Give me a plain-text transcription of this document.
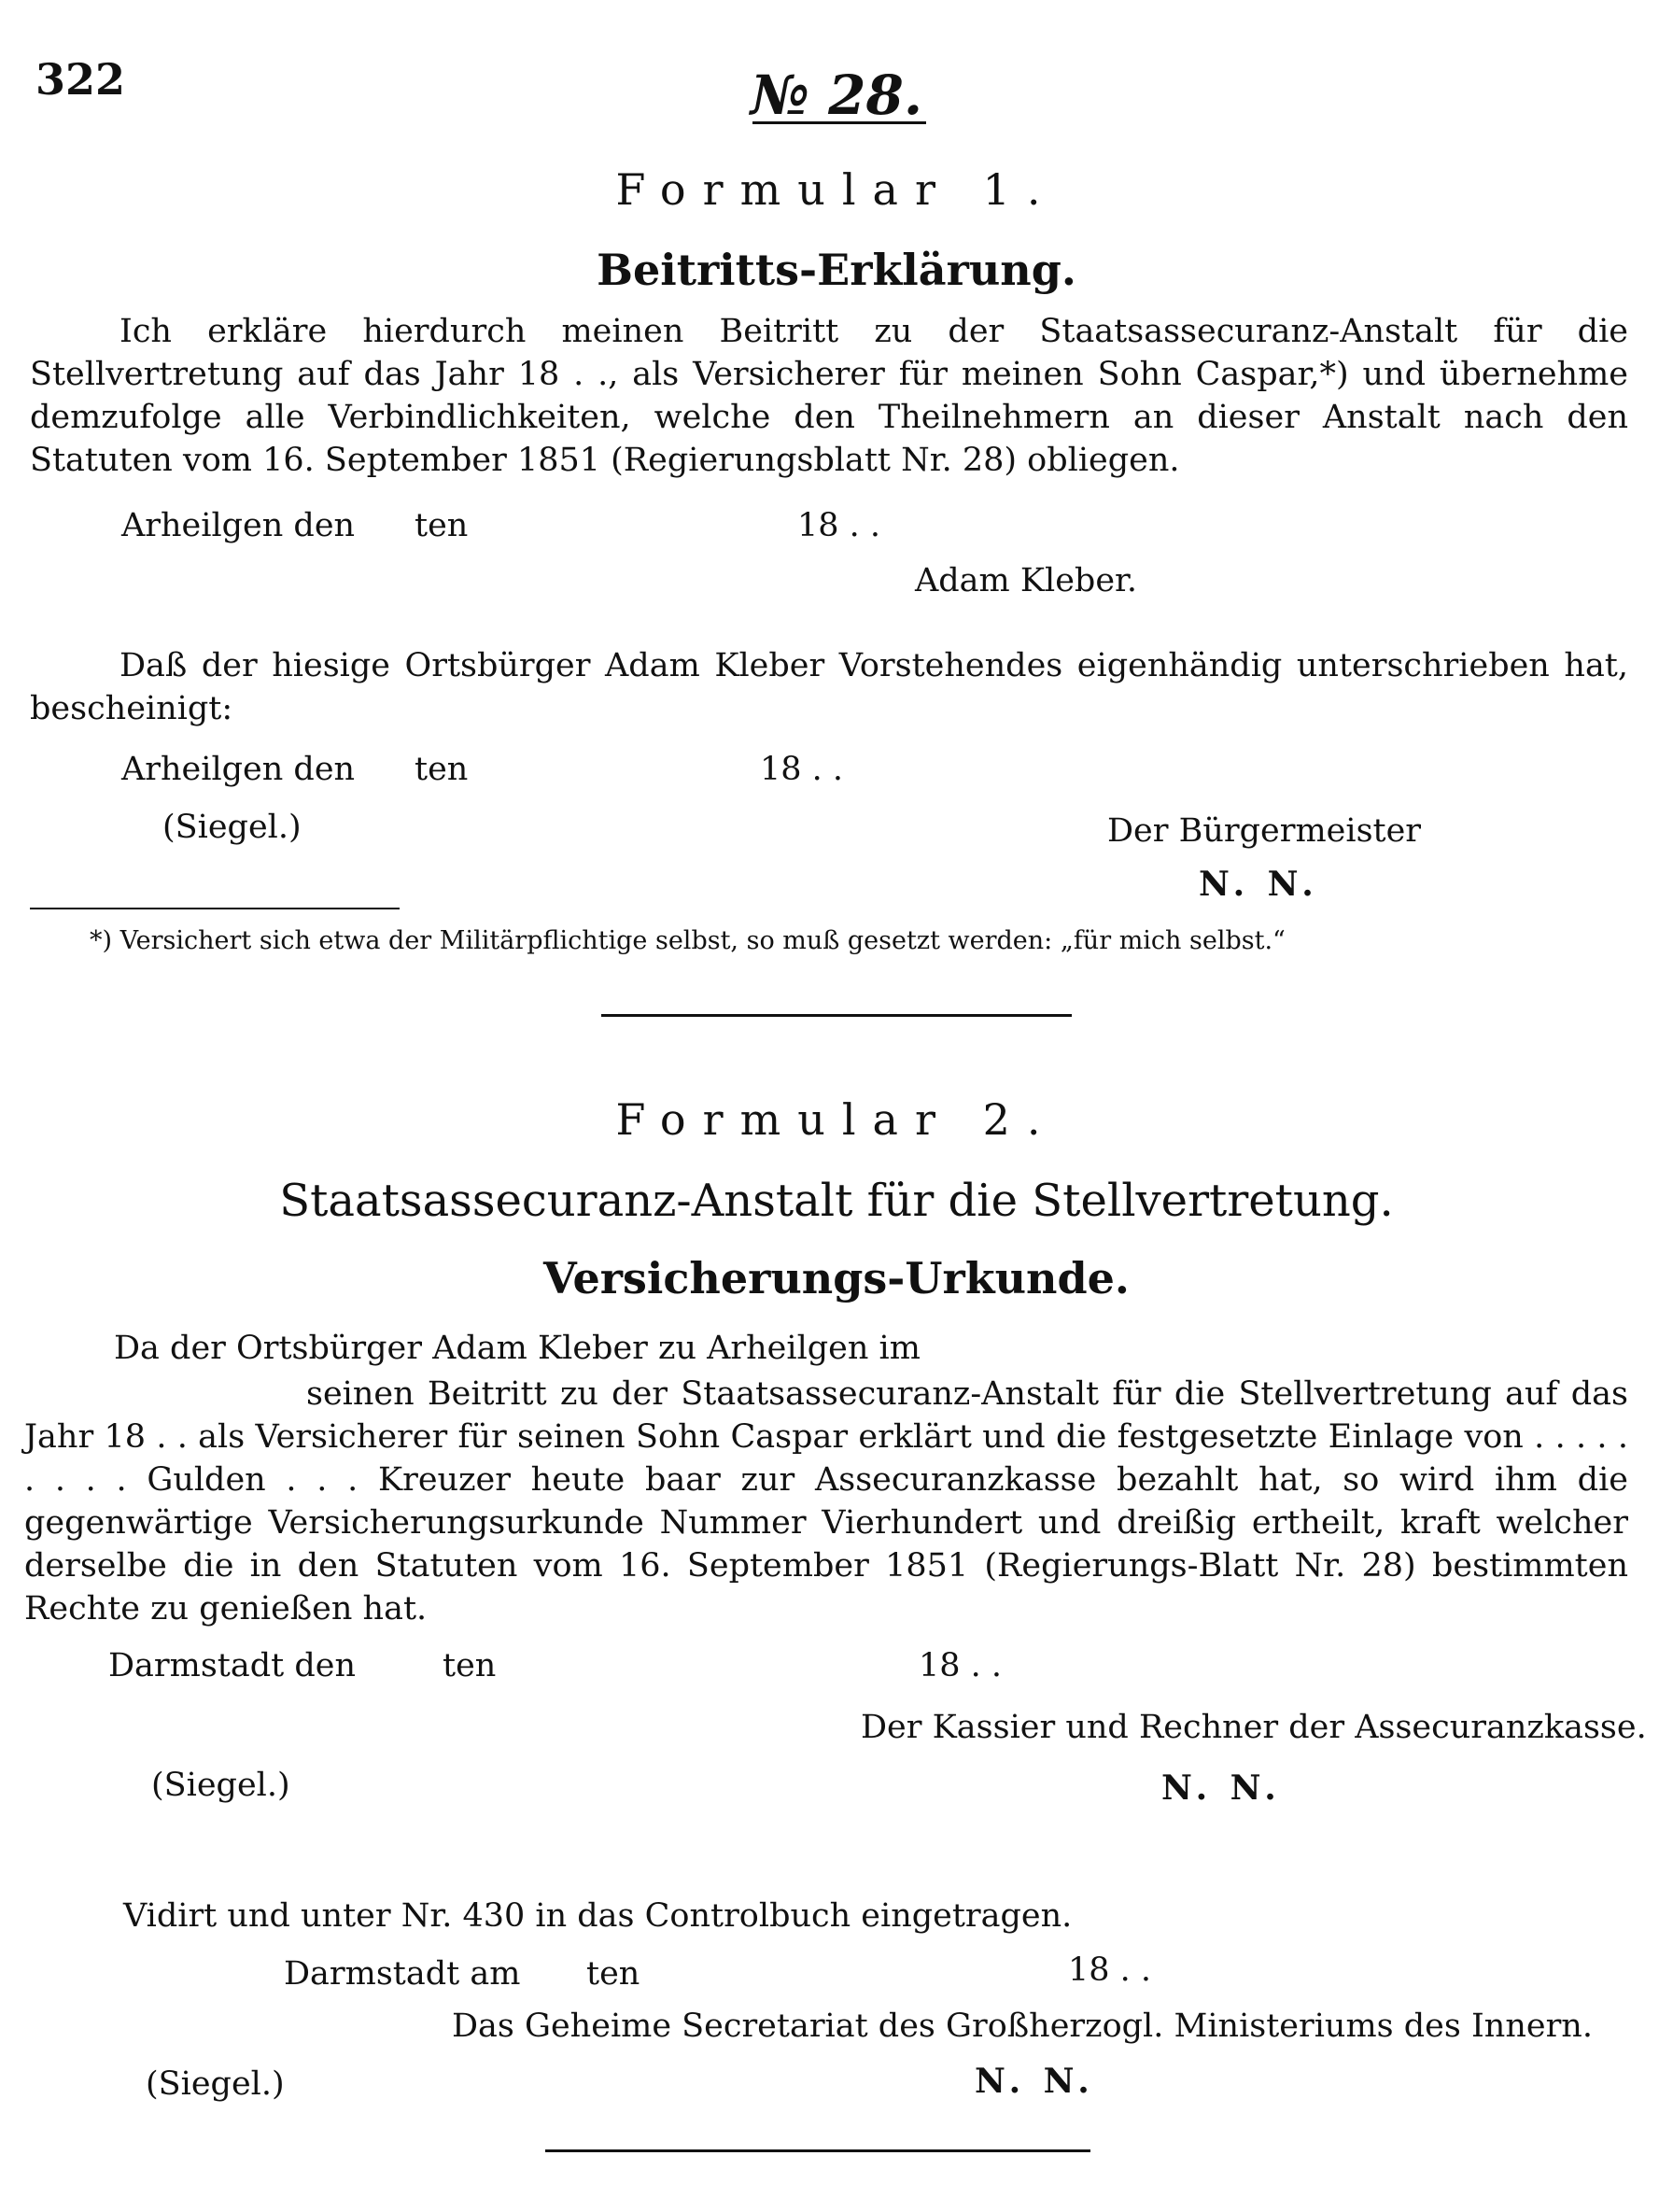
322	№ 28.
Formular 1.
Beitritts-Erklärung.
Ich erkläre hierdurch meinen Beitritt zu der Staatsassecuranz-Anstalt für die Stellvertretung auf das Jahr 18 . ., als Versicherer für meinen Sohn Caspar,*) und übernehme demzufolge alle Verbindlichkeiten, welche den Theilnehmern an dieser Anstalt nach den Statuten vom 16. September 1851 (Regierungsblatt Nr. 28) obliegen.
Arheilgen den ten	18 . .
Adam Kleber.
Daß der hiesige Ortsbürger Adam Kleber Vorstehendes eigenhändig unterschrieben hat, bescheinigt:
Arheilgen den ten	18 . .
(Siegel.)	Der Bürgermeister
N. N.
*) Versichert sich etwa der Militärpflichtige selbst, so muß gesetzt werden: „für mich selbst.“
Formular 2.
Staatsassecuranz-Anstalt für die Stellvertretung.
Versicherungs-Urkunde.
Da der Ortsbürger Adam Kleber zu Arheilgen im
seinen Beitritt zu der Staatsassecuranz-Anstalt für die Stellvertretung auf das Jahr 18 . . als Versicherer für seinen Sohn Caspar erklärt und die festgesetzte Einlage von . . . . . . . . . Gulden . . . Kreuzer heute baar zur Assecuranzkasse bezahlt hat, so wird ihm die gegenwärtige Versicherungsurkunde Nummer Vierhundert und dreißig ertheilt, kraft welcher derselbe die in den Statuten vom 16. September 1851 (Regierungs-Blatt Nr. 28) bestimmten Rechte zu genießen hat.
Darmstadt den	ten	18 . .
Der Kassier und Rechner der Assecuranzkasse.
(Siegel.)	N. N.
Vidirt und unter Nr. 430 in das Controlbuch eingetragen.
Darmstadt am ten	18 . .
Das Geheime Secretariat des Großherzogl. Ministeriums des Innern.
(Siegel.)	N. N.
